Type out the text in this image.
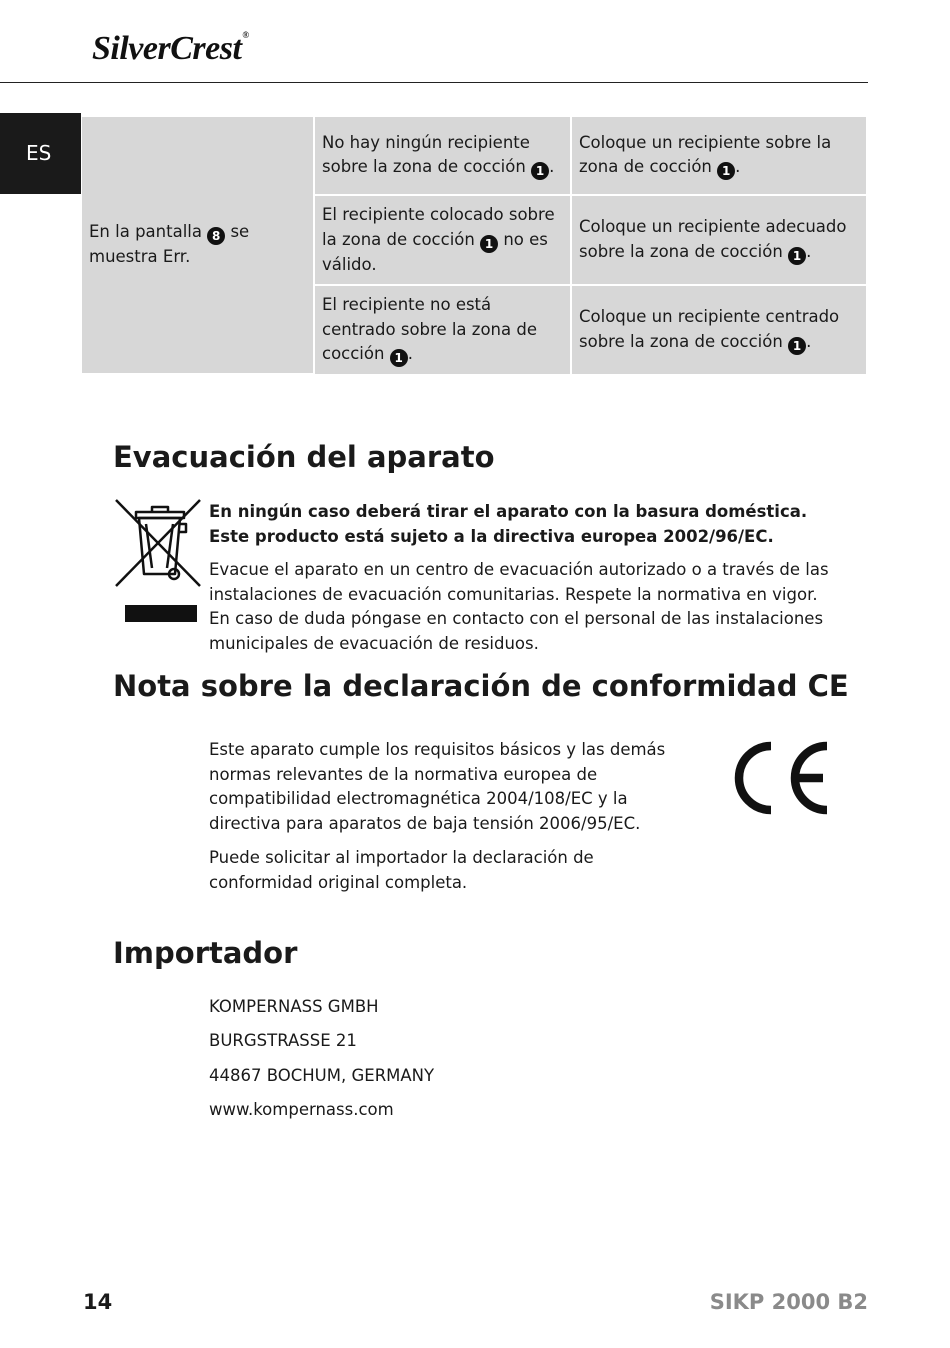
SilverCrest®
ES
En la pantalla 8 se muestra Err.	No hay ningún recipiente sobre la zona de cocción 1 .	Coloque un recipiente sobre la zona de cocción 1 .
	El recipiente colocado sobre la zona de cocción 1 no es válido.	Coloque un recipiente adecuado sobre la zona de cocción 1 .
	El recipiente no está centrado sobre la zona de cocción 1 .	Coloque un recipiente centrado sobre la zona de cocción 1 .
Evacuación del aparato

En ningún caso deberá tirar el aparato con la basura doméstica. Este producto está sujeto a la directiva europea 2002/96/EC.

Evacue el aparato en un centro de evacuación autorizado o a través de las instalaciones de evacuación comunitarias. Respete la normativa en vigor. En caso de duda póngase en contacto con el personal de las instalaciones municipales de evacuación de residuos.

Nota sobre la declaración de conformidad CE

Este aparato cumple los requisitos básicos y las demás normas relevantes de la normativa europea de compatibilidad electromagnética 2004/108/EC y la directiva para aparatos de baja tensión 2006/95/EC.

Puede solicitar al importador la declaración de conformidad original completa.

Importador

KOMPERNASS GMBH

BURGSTRASSE 21

44867 BOCHUM, GERMANY

www.kompernass.com

14	SIKP 2000 B2
